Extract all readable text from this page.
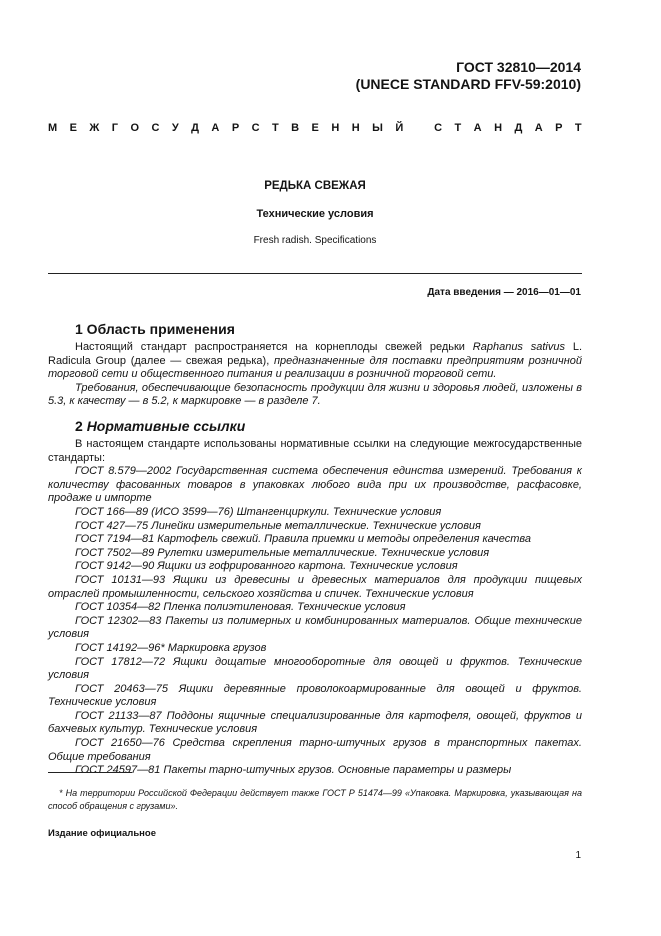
ГОСТ 32810—2014
(UNECE STANDARD FFV-59:2010)
М Е Ж Г О С У Д А Р С Т В Е Н Н Ы Й	С Т А Н Д А Р Т
РЕДЬКА СВЕЖАЯ
Технические условия
Fresh radish. Specifications
Дата введения — 2016—01—01
1 Область применения

Настоящий стандарт распространяется на корнеплоды свежей редьки Raphanus sativus L. Radicula Group (далее — свежая редька), предназначенные для поставки предприятиям розничной торговой сети и общественного питания и реализации в розничной торговой сети.

Требования, обеспечивающие безопасность продукции для жизни и здоровья людей, изложены в 5.3, к качеству — в 5.2, к маркировке — в разделе 7.

2 Нормативные ссылки

В настоящем стандарте использованы нормативные ссылки на следующие межгосударственные стандарты:

ГОСТ 8.579—2002 Государственная система обеспечения единства измерений. Требования к количеству фасованных товаров в упаковках любого вида при их производстве, расфасовке, продаже и импорте

ГОСТ 166—89 (ИСО 3599—76) Штангенциркули. Технические условия

ГОСТ 427—75 Линейки измерительные металлические. Технические условия

ГОСТ 7194—81 Картофель свежий. Правила приемки и методы определения качества

ГОСТ 7502—89 Рулетки измерительные металлические. Технические условия

ГОСТ 9142—90 Ящики из гофрированного картона. Технические условия

ГОСТ 10131—93 Ящики из древесины и древесных материалов для продукции пищевых отраслей промышленности, сельского хозяйства и спичек. Технические условия

ГОСТ 10354—82 Пленка полиэтиленовая. Технические условия

ГОСТ 12302—83 Пакеты из полимерных и комбинированных материалов. Общие технические условия

ГОСТ 14192—96* Маркировка грузов

ГОСТ 17812—72 Ящики дощатые многооборотные для овощей и фруктов. Технические условия

ГОСТ 20463—75 Ящики деревянные проволокоармированные для овощей и фруктов. Технические условия

ГОСТ 21133—87 Поддоны ящичные специализированные для картофеля, овощей, фруктов и бахчевых культур. Технические условия

ГОСТ 21650—76 Средства скрепления тарно-штучных грузов в транспортных пакетах. Общие требования

ГОСТ 24597—81 Пакеты тарно-штучных грузов. Основные параметры и размеры

* На территории Российской Федерации действует также ГОСТ Р 51474—99 «Упаковка. Маркировка, указывающая на способ обращения с грузами».

Издание официальное
1
